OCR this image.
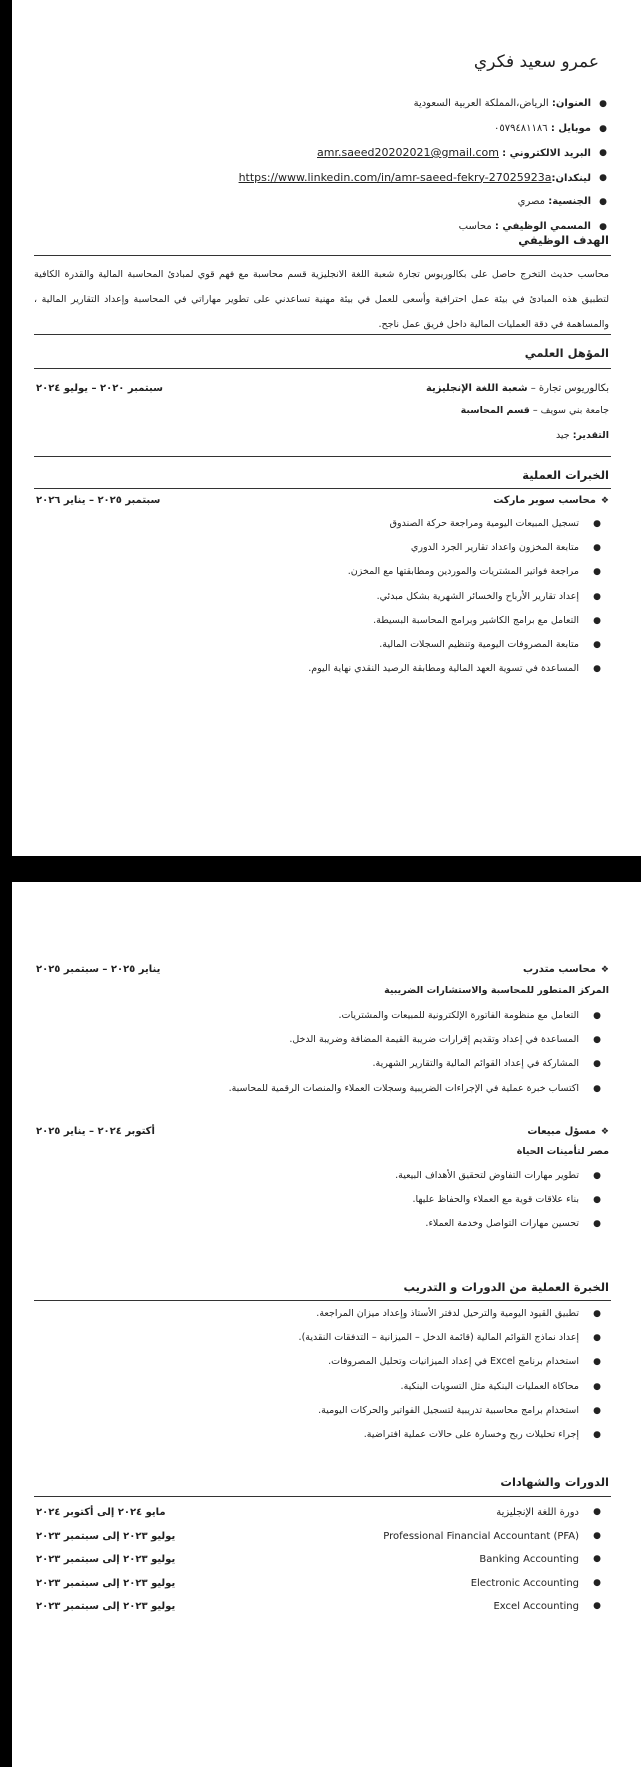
عمرو سعيد فكري
●
العنوان: الرياض،المملكة العربية السعودية
●
موبايل : ٠٥٧٩٤٨١١٨٦
●
البريد الالكتروني : amr.saeed20202021@gmail.com
●
لينكدان:https://www.linkedin.com/in/amr-saeed-fekry-27025923a
●
الجنسية: مصري
●
المسمي الوظيفي : محاسب
الهدف الوظيفي

محاسب حديث التخرج حاصل على بكالوريوس تجارة شعبة اللغة الانجليزية قسم محاسبة مع فهم قوي لمبادئ المحاسبة المالية والقدرة الكافية لتطبيق هذه المبادئ في بيئة عمل احترافية وأسعى للعمل في بيئة مهنية تساعدني على تطوير مهاراتي في المحاسبة وإعداد التقارير المالية ، والمساهمة في دقة العمليات المالية داخل فريق عمل ناجح.

المؤهل العلمي
بكالوريوس تجارة – شعبة اللغة الإنجليزية
سبتمبر ٢٠٢٠ – يوليو ٢٠٢٤
جامعة بني سويف – قسم المحاسبة
التقدير: جيد
الخبرات العملية
❖محاسب سوبر ماركت
سبتمبر ٢٠٢٥ – يناير ٢٠٢٦
●
تسجيل المبيعات اليومية ومراجعة حركة الصندوق
●
متابعة المخزون واعداد تقارير الجرد الدوري
●
مراجعة فواتير المشتريات والموردين ومطابقتها مع المخزن.
●
إعداد تقارير الأرباح والخسائر الشهرية بشكل مبدئي.
●
التعامل مع برامج الكاشير وبرامج المحاسبة البسيطة.
●
متابعة المصروفات اليومية وتنظيم السجلات المالية.
●
المساعدة في تسوية العهد المالية ومطابقة الرصيد النقدي نهاية اليوم.
❖محاسب متدرب
يناير ٢٠٢٥ – سبتمبر ٢٠٢٥
المركز المتطور للمحاسبة والاستشارات الضريبية
●
التعامل مع منظومة الفاتورة الإلكترونية للمبيعات والمشتريات.
●
المساعدة في إعداد وتقديم إقرارات ضريبة القيمة المضافة وضريبة الدخل.
●
المشاركة في إعداد القوائم المالية والتقارير الشهرية.
●
اكتساب خبرة عملية في الإجراءات الضريبية وسجلات العملاء والمنصات الرقمية للمحاسبة.
❖مسؤل مبيعات
أكتوبر ٢٠٢٤ – يناير ٢٠٢٥
مصر لتأمينات الحياة
●
تطوير مهارات التفاوض لتحقيق الأهداف البيعية.
●
بناء علاقات قوية مع العملاء والحفاظ عليها.
●
تحسين مهارات التواصل وخدمة العملاء.
الخبرة العملية من الدورات و التدريب
●
تطبيق القيود اليومية والترحيل لدفتر الأستاذ وإعداد ميزان المراجعة.
●
إعداد نماذج القوائم المالية (قائمة الدخل – الميزانية – التدفقات النقدية).
●
استخدام برنامج Excel في إعداد الميزانيات وتحليل المصروفات.
●
محاكاة العمليات البنكية مثل التسويات البنكية.
●
استخدام برامج محاسبية تدريبية لتسجيل الفواتير والحركات اليومية.
●
إجراء تحليلات ربح وخسارة على حالات عملية افتراضية.
الدورات والشهادات
●
دورة اللغة الإنجليزية
مايو ٢٠٢٤ إلى أكتوبر ٢٠٢٤
●
Professional Financial Accountant (PFA)
يوليو ٢٠٢٣ إلى سبتمبر ٢٠٢٣
●
Banking Accounting
يوليو ٢٠٢٣ إلى سبتمبر ٢٠٢٣
●
Electronic Accounting
يوليو ٢٠٢٣ إلى سبتمبر ٢٠٢٣
●
Excel Accounting
يوليو ٢٠٢٣ إلى سبتمبر ٢٠٢٣
